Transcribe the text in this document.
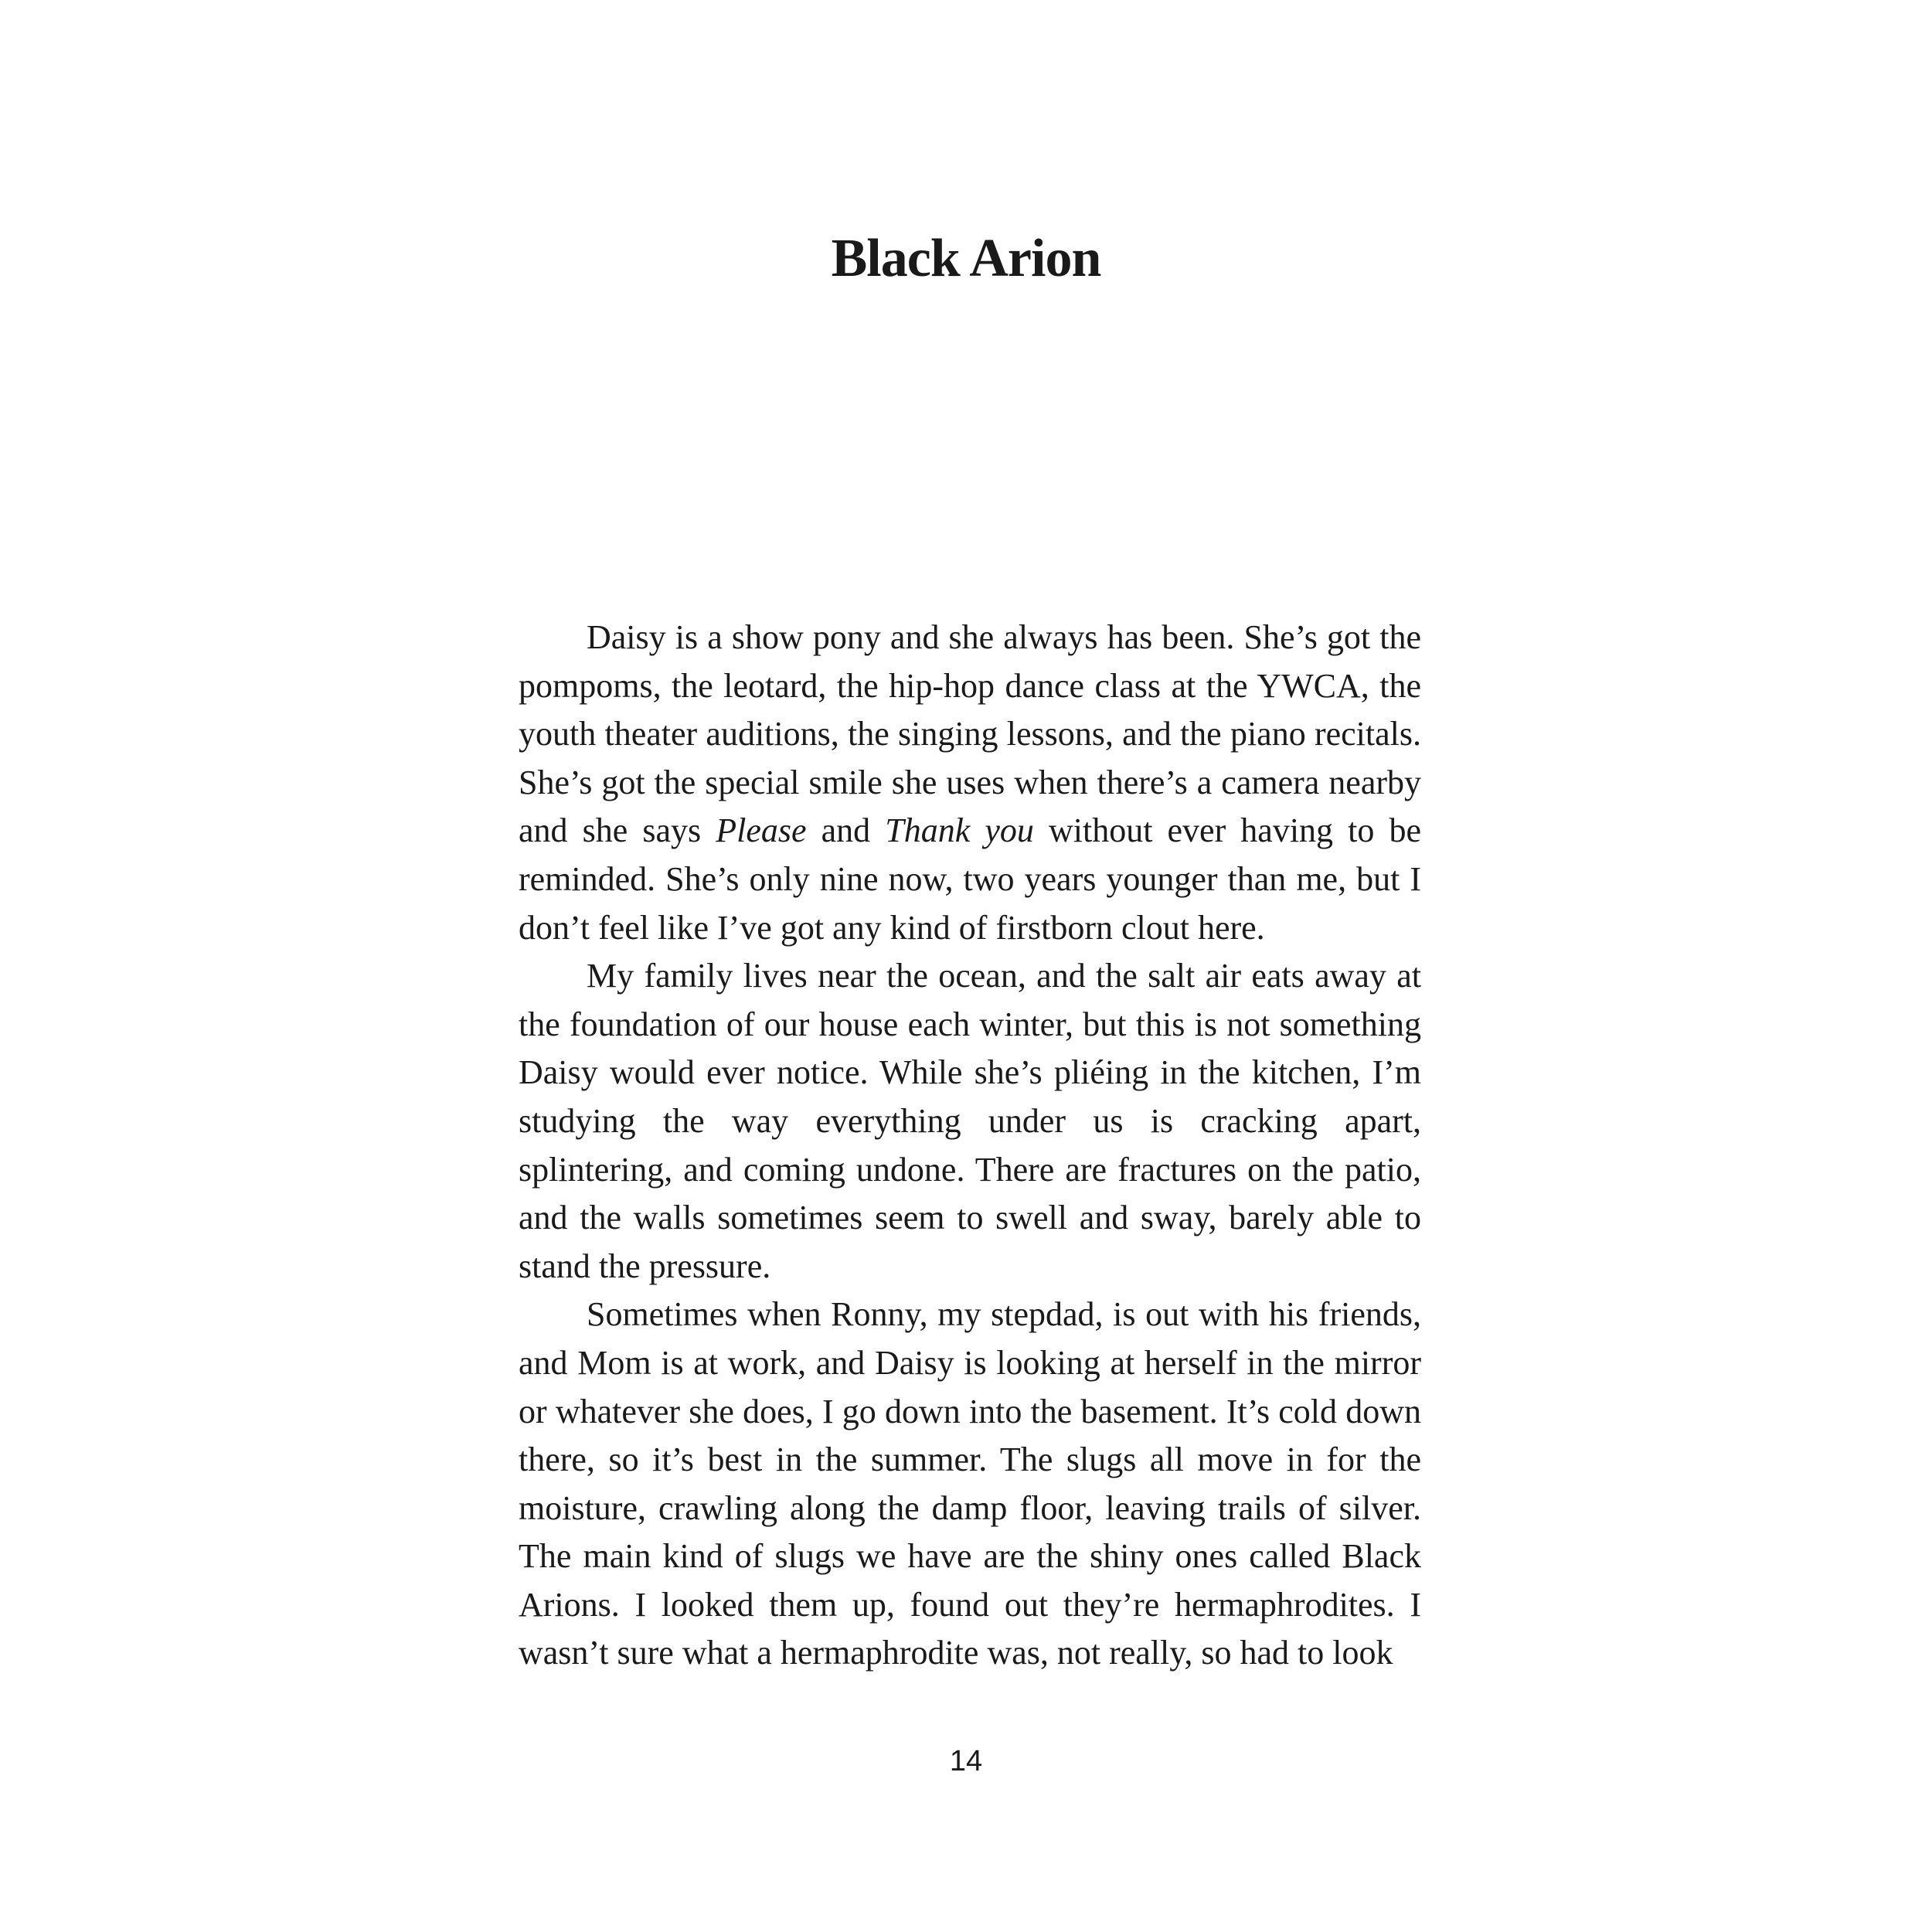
Black Arion

Daisy is a show pony and she always has been. She’s got the pompoms, the leotard, the hip-hop dance class at the YWCA, the youth theater auditions, the singing lessons, and the piano recitals. She’s got the special smile she uses when there’s a camera nearby and she says Please and Thank you without ever having to be reminded. She’s only nine now, two years younger than me, but I don’t feel like I’ve got any kind of firstborn clout here.

My family lives near the ocean, and the salt air eats away at the foundation of our house each winter, but this is not something Daisy would ever notice. While she’s pliéing in the kitchen, I’m studying the way everything under us is cracking apart, splintering, and coming undone. There are fractures on the patio, and the walls sometimes seem to swell and sway, barely able to stand the pressure.

Sometimes when Ronny, my stepdad, is out with his friends, and Mom is at work, and Daisy is looking at herself in the mirror or whatever she does, I go down into the basement. It’s cold down there, so it’s best in the summer. The slugs all move in for the moisture, crawling along the damp floor, leaving trails of silver. The main kind of slugs we have are the shiny ones called Black Arions. I looked them up, found out they’re hermaphrodites. I wasn’t sure what a hermaphrodite was, not really, so had to look

14
